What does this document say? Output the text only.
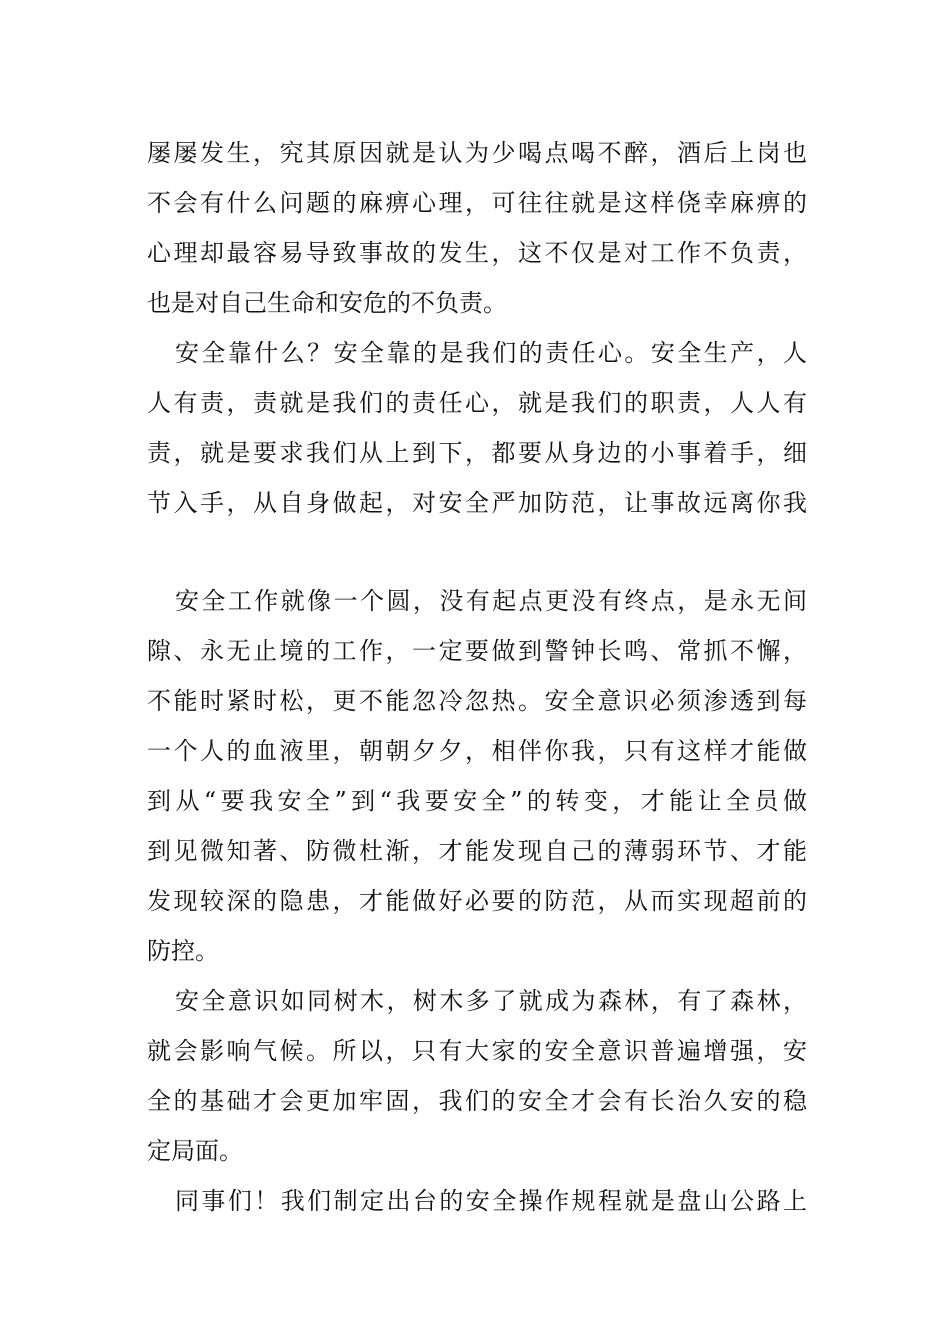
屡屡发生，究其原因就是认为少喝点喝不醉，酒后上岗也
不会有什么问题的麻痹心理，可往往就是这样侥幸麻痹的
心理却最容易导致事故的发生，这不仅是对工作不负责，
也是对自己生命和安危的不负责。
安全靠什么？安全靠的是我们的责任心。安全生产，人
人有责，责就是我们的责任心，就是我们的职责，人人有
责，就是要求我们从上到下，都要从身边的小事着手，细
节入手，从自身做起，对安全严加防范，让事故远离你我
安全工作就像一个圆，没有起点更没有终点，是永无间
隙、永无止境的工作，一定要做到警钟长鸣、常抓不懈，
不能时紧时松，更不能忽冷忽热。安全意识必须渗透到每
一个人的血液里，朝朝夕夕，相伴你我，只有这样才能做
到从“要我安全”到“我要安全”的转变，才能让全员做
到见微知著、防微杜渐，才能发现自己的薄弱环节、才能
发现较深的隐患，才能做好必要的防范，从而实现超前的
防控。
安全意识如同树木，树木多了就成为森林，有了森林，
就会影响气候。所以，只有大家的安全意识普遍增强，安
全的基础才会更加牢固，我们的安全才会有长治久安的稳
定局面。
同事们！我们制定出台的安全操作规程就是盘山公路上
